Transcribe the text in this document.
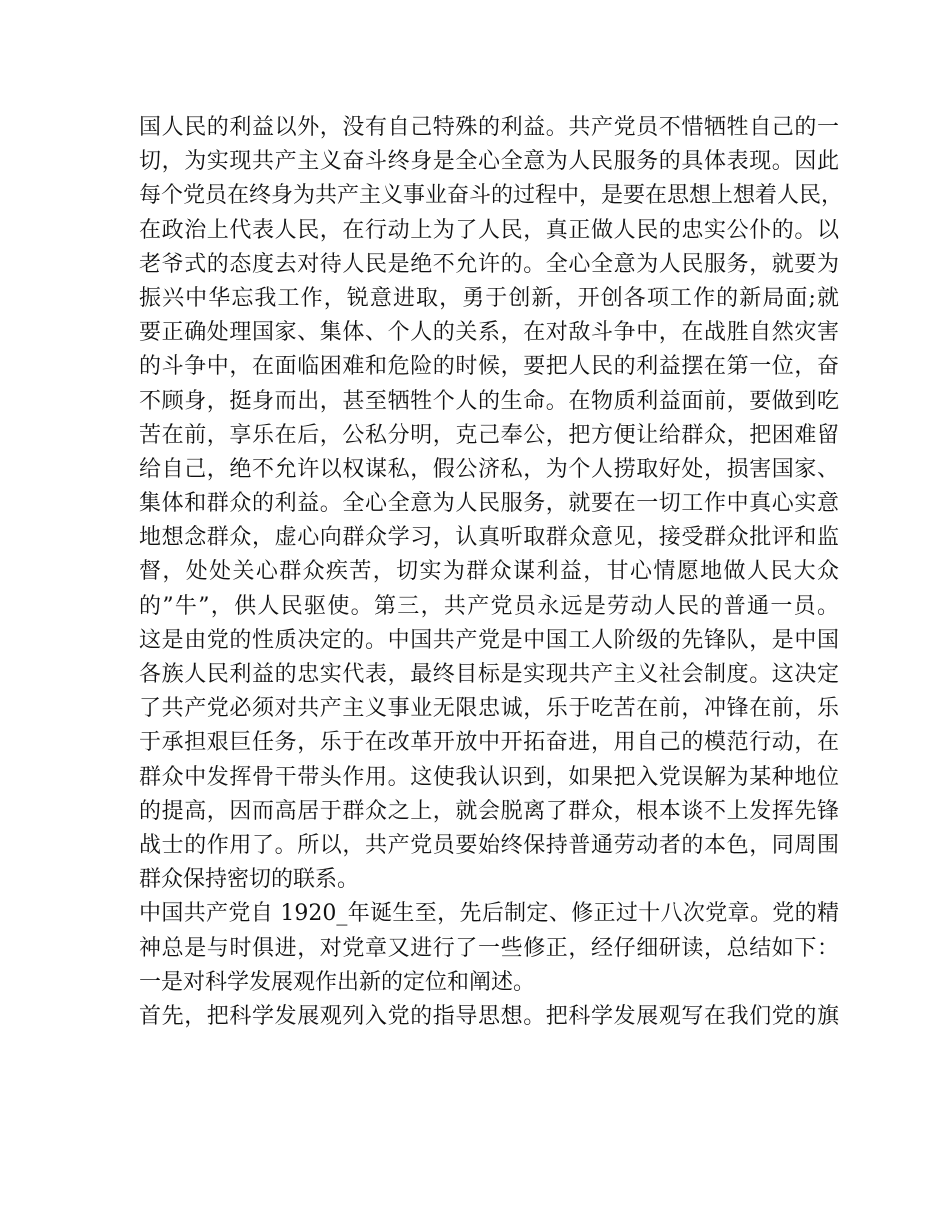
国人民的利益以外，没有自己特殊的利益。共产党员不惜牺牲自己的一
切，为实现共产主义奋斗终身是全心全意为人民服务的具体表现。因此
每个党员在终身为共产主义事业奋斗的过程中，是要在思想上想着人民，
在政治上代表人民，在行动上为了人民，真正做人民的忠实公仆的。以
老爷式的态度去对待人民是绝不允许的。全心全意为人民服务，就要为
振兴中华忘我工作，锐意进取，勇于创新，开创各项工作的新局面;就
要正确处理国家、集体、个人的关系，在对敌斗争中，在战胜自然灾害
的斗争中，在面临困难和危险的时候，要把人民的利益摆在第一位，奋
不顾身，挺身而出，甚至牺牲个人的生命。在物质利益面前，要做到吃
苦在前，享乐在后，公私分明，克己奉公，把方便让给群众，把困难留
给自己，绝不允许以权谋私，假公济私，为个人捞取好处，损害国家、
集体和群众的利益。全心全意为人民服务，就要在一切工作中真心实意
地想念群众，虚心向群众学习，认真听取群众意见，接受群众批评和监
督，处处关心群众疾苦，切实为群众谋利益，甘心情愿地做人民大众
的”牛”，供人民驱使。第三，共产党员永远是劳动人民的普通一员。
这是由党的性质决定的。中国共产党是中国工人阶级的先锋队，是中国
各族人民利益的忠实代表，最终目标是实现共产主义社会制度。这决定
了共产党必须对共产主义事业无限忠诚，乐于吃苦在前，冲锋在前，乐
于承担艰巨任务，乐于在改革开放中开拓奋进，用自己的模范行动，在
群众中发挥骨干带头作用。这使我认识到，如果把入党误解为某种地位
的提高，因而高居于群众之上，就会脱离了群众，根本谈不上发挥先锋
战士的作用了。所以，共产党员要始终保持普通劳动者的本色，同周围
群众保持密切的联系。
中国共产党自 1920_年诞生至，先后制定、修正过十八次党章。党的精
神总是与时俱进，对党章又进行了一些修正，经仔细研读，总结如下：
一是对科学发展观作出新的定位和阐述。
首先，把科学发展观列入党的指导思想。把科学发展观写在我们党的旗
